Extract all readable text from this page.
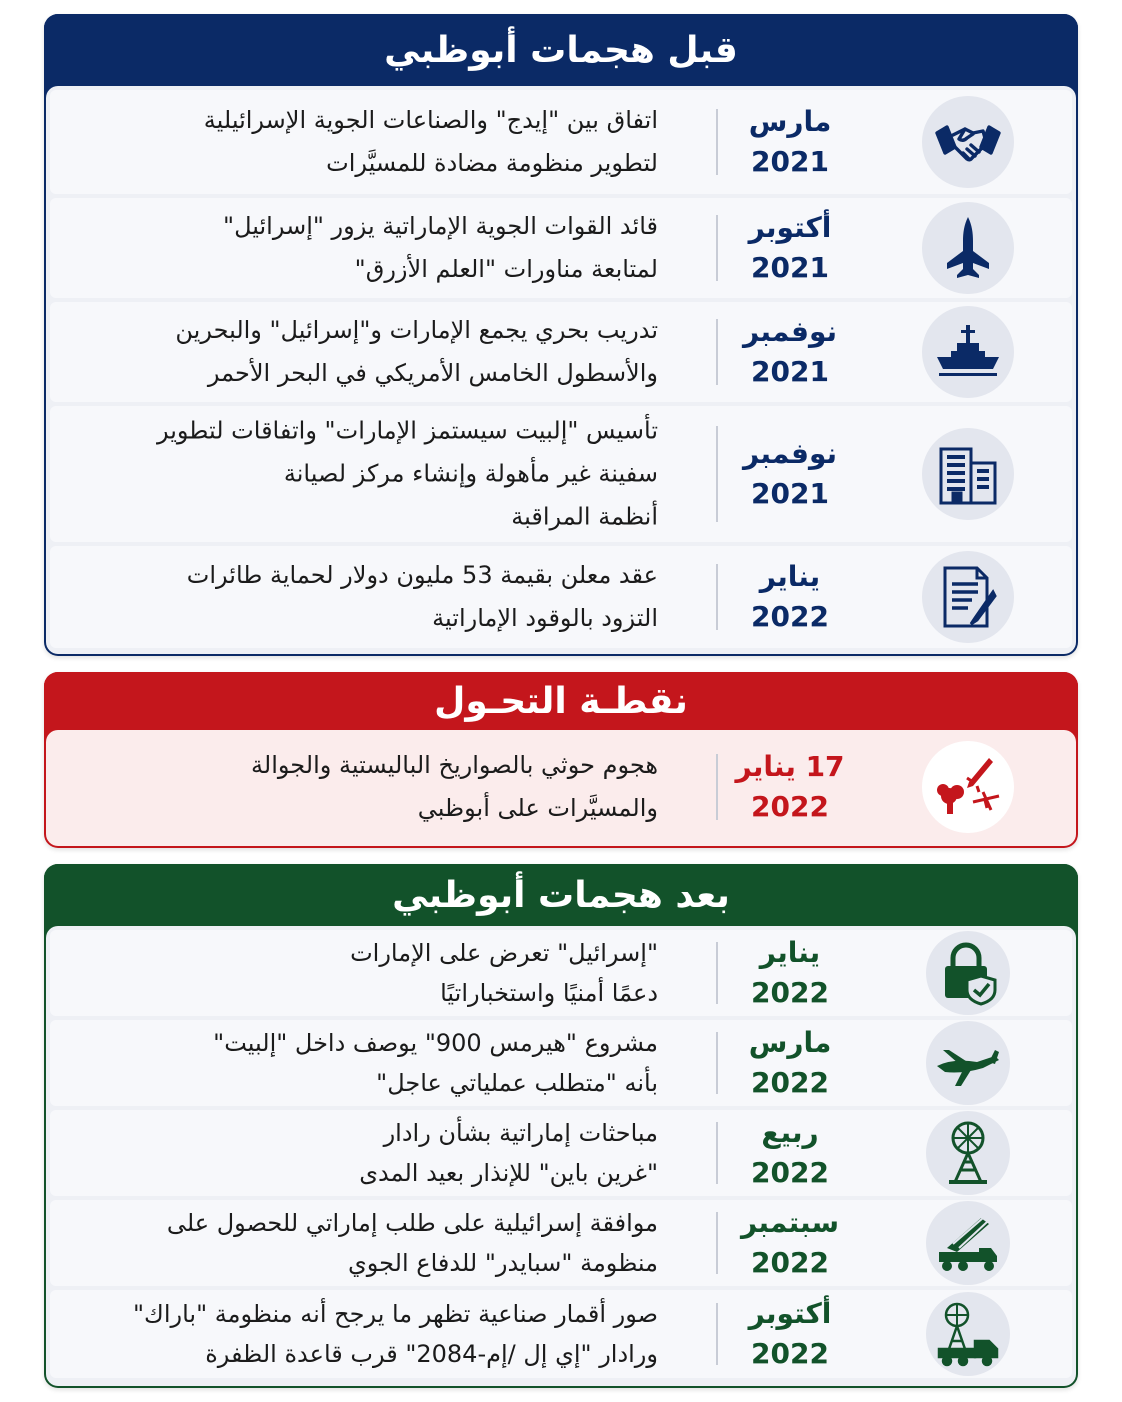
قبل هجمات أبوظبي
مارس
2021
اتفاق بين "إيدج" والصناعات الجوية الإسرائيلية
لتطوير منظومة مضادة للمسيَّرات
أكتوبر
2021
قائد القوات الجوية الإماراتية يزور "إسرائيل"
لمتابعة مناورات "العلم الأزرق"
نوفمبر
2021
تدريب بحري يجمع الإمارات و"إسرائيل" والبحرين
والأسطول الخامس الأمريكي في البحر الأحمر
نوفمبر
2021
تأسيس "إلبيت سيستمز الإمارات" واتفاقات لتطوير
سفينة غير مأهولة وإنشاء مركز لصيانة
أنظمة المراقبة
يناير
2022
عقد معلن بقيمة 53 مليون دولار لحماية طائرات
التزود بالوقود الإماراتية
نقطـة التحـول
17 يناير
2022
هجوم حوثي بالصواريخ الباليستية والجوالة
والمسيَّرات على أبوظبي
بعد هجمات أبوظبي
يناير
2022
"إسرائيل" تعرض على الإمارات
دعمًا أمنيًا واستخباراتيًا
مارس
2022
مشروع "هيرمس 900" يوصف داخل "إلبيت"
بأنه "متطلب عملياتي عاجل"
ربيع
2022
مباحثات إماراتية بشأن رادار
"غرين باين" للإنذار بعيد المدى
سبتمبر
2022
موافقة إسرائيلية على طلب إماراتي للحصول على
منظومة "سبايدر" للدفاع الجوي
أكتوبر
2022
صور أقمار صناعية تظهر ما يرجح أنه منظومة "باراك"
ورادار "إي إل /إم-2084" قرب قاعدة الظفرة
